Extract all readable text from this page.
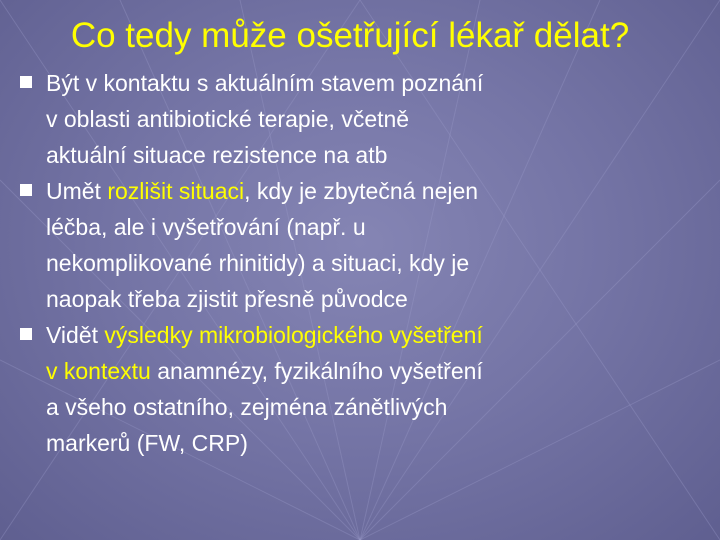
Co tedy může ošetřující lékař dělat?
Být v kontaktu s aktuálním stavem poznání
v oblasti antibiotické terapie, včetně
aktuální situace rezistence na atb
Umět rozlišit situaci, kdy je zbytečná nejen
léčba, ale i vyšetřování (např. u
nekomplikované rhinitidy) a situaci, kdy je
naopak třeba zjistit přesně původce
Vidět výsledky mikrobiologického vyšetření
v kontextu anamnézy, fyzikálního vyšetření
a všeho ostatního, zejména zánětlivých
markerů (FW, CRP)
